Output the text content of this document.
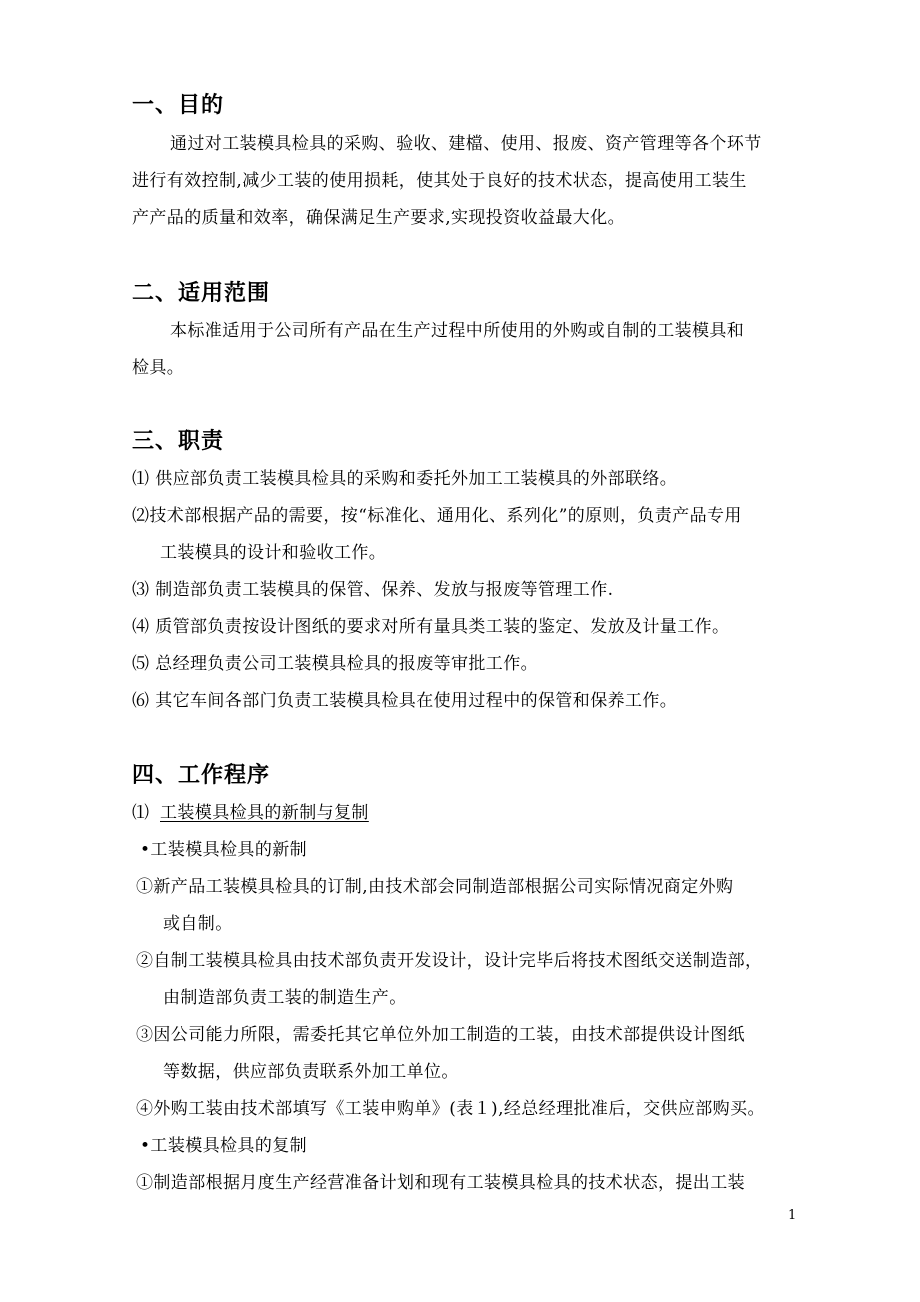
一、目的
通过对工装模具检具的采购、验收、建檔、使用、报废、资产管理等各个环节
进行有效控制,减少工装的使用损耗，使其处于良好的技术状态，提高使用工装生
产产品的质量和效率，确保满足生产要求,实现投资收益最大化。
二、适用范围
本标准适用于公司所有产品在生产过程中所使用的外购或自制的工装模具和
检具。
三、职责
⑴ 供应部负责工装模具检具的采购和委托外加工工装模具的外部联络。
⑵技术部根据产品的需要，按“标准化、通用化、系列化”的原则，负责产品专用
工装模具的设计和验收工作。
⑶ 制造部负责工装模具的保管、保养、发放与报废等管理工作.
⑷ 质管部负责按设计图纸的要求对所有量具类工装的鉴定、发放及计量工作。
⑸ 总经理负责公司工装模具检具的报废等审批工作。
⑹ 其它车间各部门负责工装模具检具在使用过程中的保管和保养工作。
四、工作程序
⑴ 工装模具检具的新制与复制
•工装模具检具的新制
①新产品工装模具检具的订制,由技术部会同制造部根据公司实际情况商定外购
或自制。
②自制工装模具检具由技术部负责开发设计，设计完毕后将技术图纸交送制造部，
由制造部负责工装的制造生产。
③因公司能力所限，需委托其它单位外加工制造的工装，由技术部提供设计图纸
等数据，供应部负责联系外加工单位。
④外购工装由技术部填写《工装申购单》(表１),经总经理批准后，交供应部购买。
•工装模具检具的复制
①制造部根据月度生产经营准备计划和现有工装模具检具的技术状态，提出工装
1
